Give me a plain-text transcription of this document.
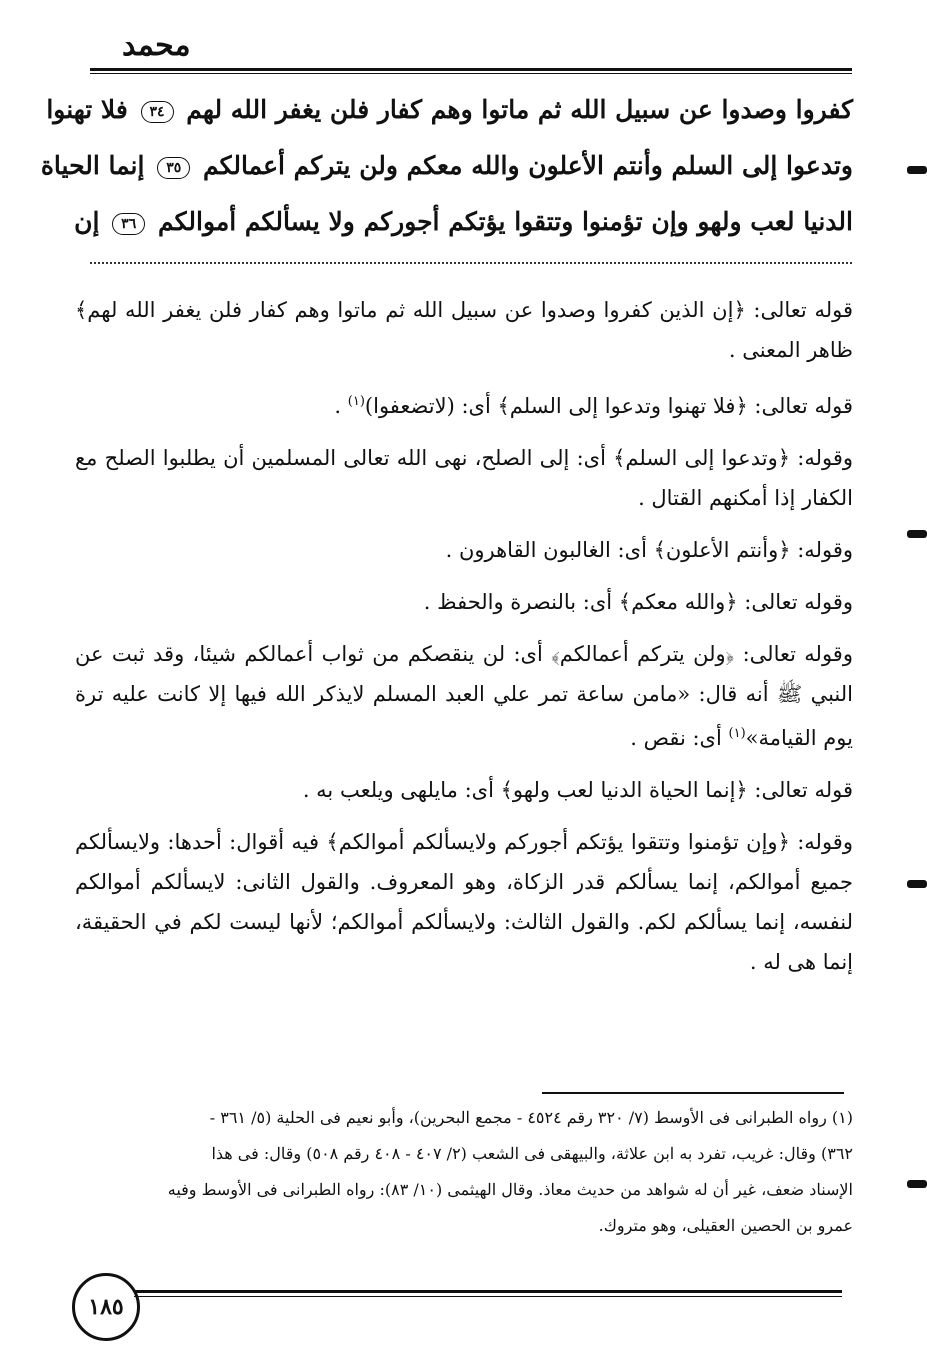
محمد
كفروا وصدوا عن سبيل الله ثم ماتوا وهم كفار فلن يغفر الله لهم ٣٤ فلا تهنوا
وتدعوا إلى السلم وأنتم الأعلون والله معكم ولن يتركم أعمالكم ٣٥ إنما الحياة
الدنيا لعب ولهو وإن تؤمنوا وتتقوا يؤتكم أجوركم ولا يسألكم أموالكم ٣٦ إن

قوله تعالى: ﴿إن الذين كفروا وصدوا عن سبيل الله ثم ماتوا وهم كفار فلن يغفر الله لهم﴾ ظاهر المعنى .

قوله تعالى: ﴿فلا تهنوا وتدعوا إلى السلم﴾ أى: (لاتضعفوا)$^{(١)}$ .

وقوله: ﴿وتدعوا إلى السلم﴾ أى: إلى الصلح، نهى الله تعالى المسلمين أن يطلبوا الصلح مع الكفار إذا أمكنهم القتال .

وقوله: ﴿وأنتم الأعلون﴾ أى: الغالبون القاهرون .

وقوله تعالى: ﴿والله معكم﴾ أى: بالنصرة والحفظ .

وقوله تعالى: ﴿ولن يتركم أعمالكم﴾ أى: لن ينقصكم من ثواب أعمالكم شيئا، وقد ثبت عن النبي ﷺ أنه قال: «مامن ساعة تمر علي العبد المسلم لايذكر الله فيها إلا كانت عليه ترة يوم القيامة»$^{(١)}$ أى: نقص .

قوله تعالى: ﴿إنما الحياة الدنيا لعب ولهو﴾ أى: مايلهى ويلعب به .

وقوله: ﴿وإن تؤمنوا وتتقوا يؤتكم أجوركم ولايسألكم أموالكم﴾ فيه أقوال: أحدها: ولايسألكم جميع أموالكم، إنما يسألكم قدر الزكاة، وهو المعروف. والقول الثانى: لايسألكم أموالكم لنفسه، إنما يسألكم لكم. والقول الثالث: ولايسألكم أموالكم؛ لأنها ليست لكم في الحقيقة، إنما هى له .

(١) رواه الطبرانى فى الأوسط (٧/ ٣٢٠ رقم ٤٥٢٤ - مجمع البحرين)، وأبو نعيم فى الحلية (٥/ ٣٦١ -
٣٦٢) وقال: غريب، تفرد به ابن علاثة، والبيهقى فى الشعب (٢/ ٤٠٧ - ٤٠٨ رقم ٥٠٨) وقال: فى هذا
الإسناد ضعف، غير أن له شواهد من حديث معاذ. وقال الهيثمى (١٠/ ٨٣): رواه الطبرانى فى الأوسط وفيه
عمرو بن الحصين العقيلى، وهو متروك.
١٨٥
